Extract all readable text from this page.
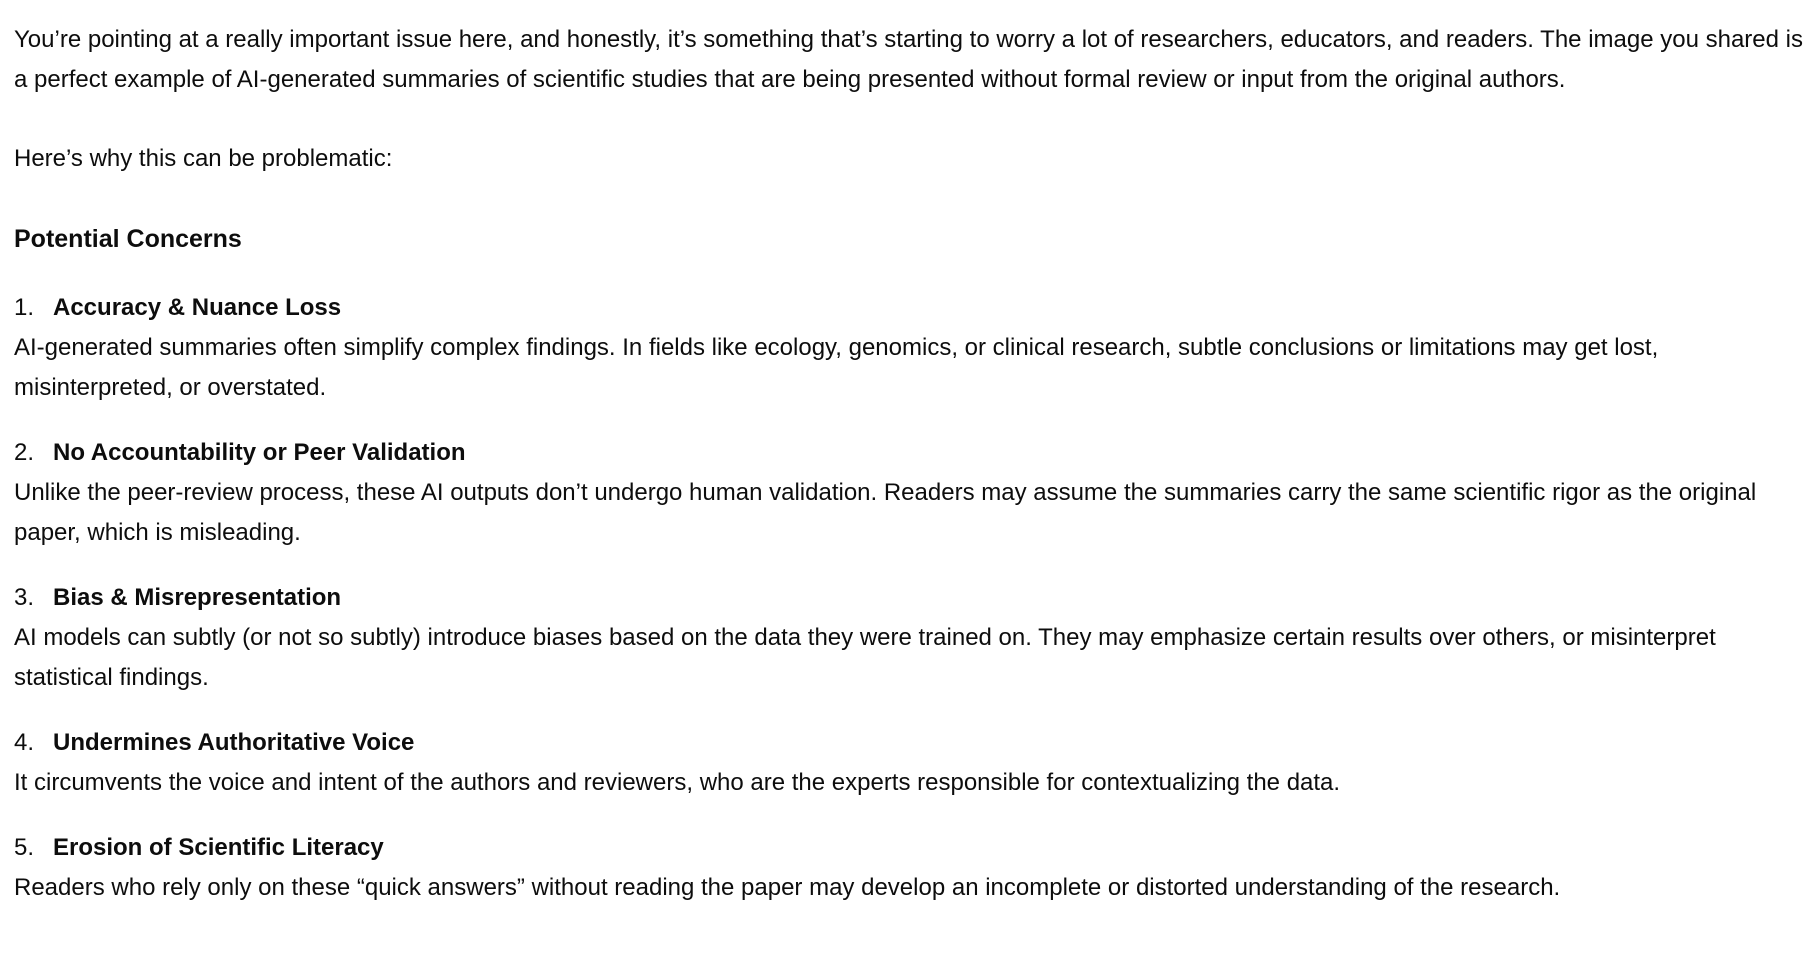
You’re pointing at a really important issue here, and honestly, it’s something that’s starting to worry a lot of researchers, educators, and readers. The image you shared is a perfect example of AI-generated summaries of scientific studies that are being presented without formal review or input from the original authors.

Here’s why this can be problematic:

Potential Concerns
1. Accuracy & Nuance Loss

AI-generated summaries often simplify complex findings. In fields like ecology, genomics, or clinical research, subtle conclusions or limitations may get lost, misinterpreted, or overstated.

2. No Accountability or Peer Validation

Unlike the peer-review process, these AI outputs don’t undergo human validation. Readers may assume the summaries carry the same scientific rigor as the original paper, which is misleading.

3. Bias & Misrepresentation

AI models can subtly (or not so subtly) introduce biases based on the data they were trained on. They may emphasize certain results over others, or misinterpret statistical findings.

4. Undermines Authoritative Voice

It circumvents the voice and intent of the authors and reviewers, who are the experts responsible for contextualizing the data.

5. Erosion of Scientific Literacy

Readers who rely only on these “quick answers” without reading the paper may develop an incomplete or distorted understanding of the research.
